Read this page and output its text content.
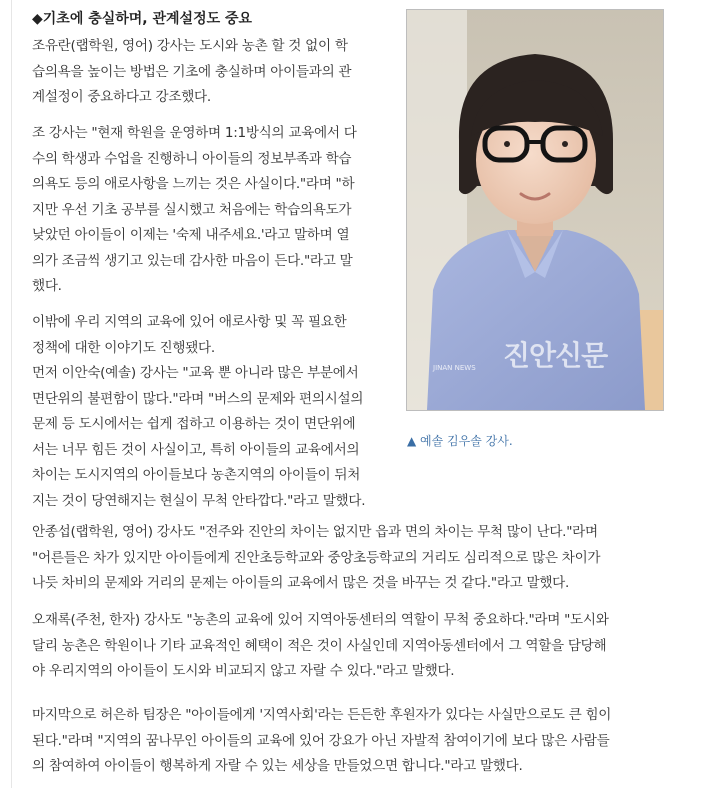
◆기초에 충실하며, 관계설정도 중요

조유란(랩학원, 영어) 강사는 도시와 농촌 할 것 없이 학
습의욕을 높이는 방법은 기초에 충실하며 아이들과의 관
계설정이 중요하다고 강조했다.

조 강사는 "현재 학원을 운영하며 1:1방식의 교육에서 다
수의 학생과 수업을 진행하니 아이들의 정보부족과 학습
의욕도 등의 애로사항을 느끼는 것은 사실이다."라며 "하
지만 우선 기초 공부를 실시했고 처음에는 학습의욕도가
낮았던 아이들이 이제는 '숙제 내주세요.'라고 말하며 열
의가 조금씩 생기고 있는데 감사한 마음이 든다."라고 말
했다.

이밖에 우리 지역의 교육에 있어 애로사항 및 꼭 필요한
정책에 대한 이야기도 진행됐다.
먼저 이안숙(예솔) 강사는 "교육 뿐 아니라 많은 부분에서
면단위의 불편함이 많다."라며 "버스의 문제와 편의시설의
문제 등 도시에서는 쉽게 접하고 이용하는 것이 면단위에
서는 너무 힘든 것이 사실이고, 특히 아이들의 교육에서의
차이는 도시지역의 아이들보다 농촌지역의 아이들이 뒤처
지는 것이 당연해지는 현실이 무척 안타깝다."라고 말했다.

안종섭(랩학원, 영어) 강사도 "전주와 진안의 차이는 없지만 읍과 면의 차이는 무척 많이 난다."라며
"어른들은 차가 있지만 아이들에게 진안초등학교와 중앙초등학교의 거리도 심리적으로 많은 차이가
나듯 차비의 문제와 거리의 문제는 아이들의 교육에서 많은 것을 바꾸는 것 같다."라고 말했다.

오재록(주천, 한자) 강사도 "농촌의 교육에 있어 지역아동센터의 역할이 무척 중요하다."라며 "도시와
달리 농촌은 학원이나 기타 교육적인 혜택이 적은 것이 사실인데 지역아동센터에서 그 역할을 담당해
야 우리지역의 아이들이 도시와 비교되지 않고 자랄 수 있다."라고 말했다.

마지막으로 허은하 팀장은 "아이들에게 '지역사회'라는 든든한 후원자가 있다는 사실만으로도 큰 힘이
된다."라며 "지역의 꿈나무인 아이들의 교육에 있어 강요가 아닌 자발적 참여이기에 보다 많은 사람들
의 참여하여 아이들이 행복하게 자랄 수 있는 세상을 만들었으면 합니다."라고 말했다.

JINAN NEWS 진안신문
▲ 예솔 김우솔 강사.
